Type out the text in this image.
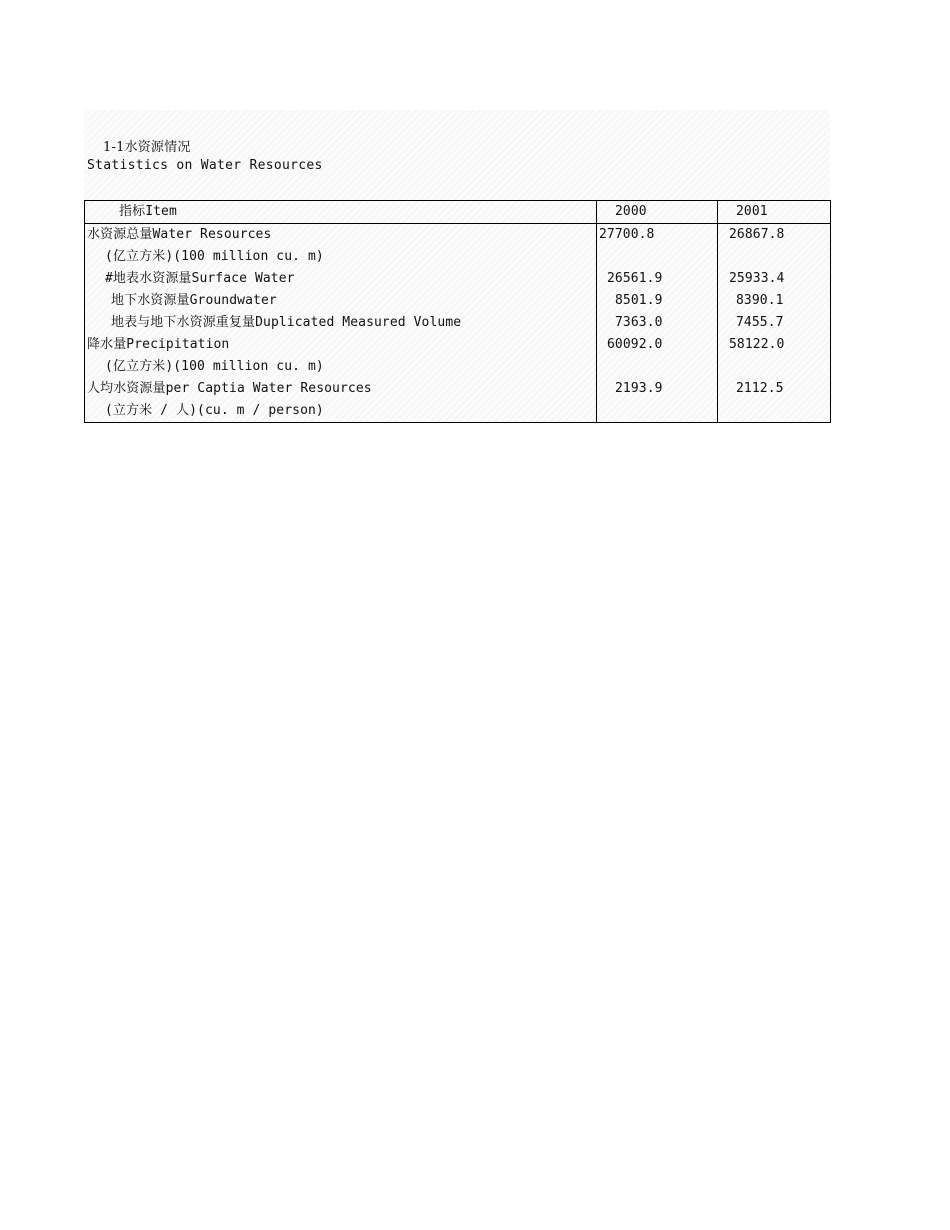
1-1水资源情况
Statistics on Water Resources
指标Item	2000	2001
水资源总量Water Resources	27700.8	26867.8
(亿立方米)(100 million cu. m)		
#地表水资源量Surface Water	26561.9	25933.4
地下水资源量Groundwater	8501.9	8390.1
地表与地下水资源重复量Duplicated Measured Volume	7363.0	7455.7
降水量Precipitation	60092.0	58122.0
(亿立方米)(100 million cu. m)		
人均水资源量per Captia Water Resources	2193.9	2112.5
(立方米 / 人)(cu. m / person)		
